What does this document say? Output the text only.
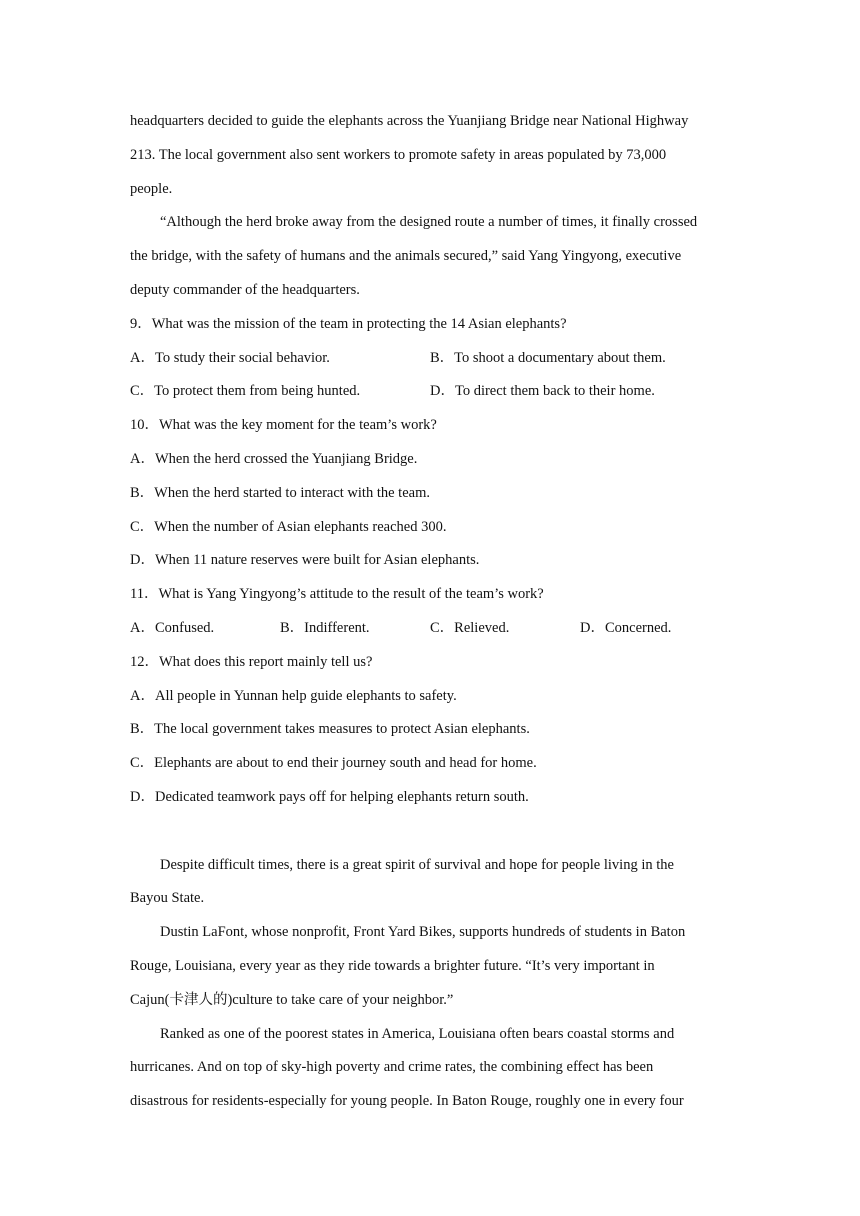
headquarters decided to guide the elephants across the Yuanjiang Bridge near National Highway
213. The local government also sent workers to promote safety in areas populated by 73,000
people.
“Although the herd broke away from the designed route a number of times, it finally crossed
the bridge, with the safety of humans and the animals secured,” said Yang Yingyong, executive
deputy commander of the headquarters.
9．What was the mission of the team in protecting the 14 Asian elephants?
A．To study their social behavior.	B．To shoot a documentary about them.
C．To protect them from being hunted.	D．To direct them back to their home.
10．What was the key moment for the team’s work?
A．When the herd crossed the Yuanjiang Bridge.
B．When the herd started to interact with the team.
C．When the number of Asian elephants reached 300.
D．When 11 nature reserves were built for Asian elephants.
11．What is Yang Yingyong’s attitude to the result of the team’s work?
A．Confused.	B．Indifferent.	C．Relieved.	D．Concerned.
12．What does this report mainly tell us?
A．All people in Yunnan help guide elephants to safety.
B．The local government takes measures to protect Asian elephants.
C．Elephants are about to end their journey south and head for home.
D．Dedicated teamwork pays off for helping elephants return south.
Despite difficult times, there is a great spirit of survival and hope for people living in the
Bayou State.
Dustin LaFont, whose nonprofit, Front Yard Bikes, supports hundreds of students in Baton
Rouge, Louisiana, every year as they ride towards a brighter future. “It’s very important in
Cajun(卡津人的)culture to take care of your neighbor.”
Ranked as one of the poorest states in America, Louisiana often bears coastal storms and
hurricanes. And on top of sky-high poverty and crime rates, the combining effect has been
disastrous for residents-especially for young people. In Baton Rouge, roughly one in every four
